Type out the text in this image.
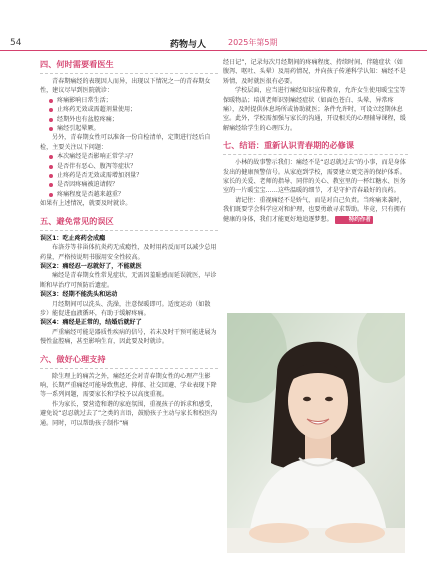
54	药物与人	2025年第5期
四、何时需要看医生

青春期痛经的表现因人而异，出现以下情况之一的青春期女性，建议尽早到医院就诊：

疼痛影响日常生活；
止疼药无效或需超剂量使用；
经期外也有盆腔疼痛；
痛经引起晕厥。

另外，青春期女性可以准备一份自检清单，定期进行经后自检，主要关注以下问题：

本次痛经是否影响正常学习？
是否伴有恶心、腹泻等症状？
止疼药是否无效或需增加剂量？
是否因疼痛被迫请假？
疼痛程度是否越来越重？

如果有上述情况，就要及时就诊。

五、避免常见的误区

误区1：吃止疼药会成瘾

布洛芬等非甾体抗炎药无成瘾性，及时用药反而可以减少总用药量，严格按说明书服用安全性较高。

误区2：痛经忍一忍就好了，不能就医

痛经是青春期女性常见症状，无需因羞耻感而延误就医，早诊断和早治疗可预防后遗症。

误区3：经期不能洗头和运动

月经期间可以洗头、洗澡，注意保暖即可。适度运动（如散步）能促进血液循环，有助于缓解疼痛。

误区4：痛经是正常的，结婚后就好了

严重痛经可能是器质性疾病的信号，若未及时干预可能进展为慢性盆腔痛，甚至影响生育，因此要及时就诊。

六、做好心理支持

除生理上的痛苦之外，痛经还会对青春期女性的心理产生影响，长期严重痛经可能导致焦虑、抑郁、社交回避、学业表现下降等一系列问题，需要家长和学校予以高度重视。

作为家长，要营造和谐的家庭氛围，重视孩子的诉求和感受，避免说“忍忍就过去了”之类的言语，鼓励孩子主动与家长和校医沟通。同时，可以帮助孩子制作“痛

经日记”，记录每次月经期间的疼痛程度、持续时间、伴随症状（如腹泻、呕吐、头晕）及用药情况，并向孩子传递科学认知：痛经不是矫情，及时就医很有必要。

学校层面，应当进行痛经知识宣传教育，允许女生使用暖宝宝等保暖物品；培训老师识别痛经症状（如面色苍白、头晕、异常疼痛），及时提供休息场所或协助就医；条件允许时，可设立经期休息室。此外，学校需加强与家长的沟通，开设相关的心理辅导课程，缓解痛经给学生的心理压力。

七、结语：重新认识青春期的必修课

小林的故事警示我们：痛经不是“忍忍就过去”的小事，而是身体发出的健康预警信号。从家庭到学校，需要建立更完善的保护体系。家长的关爱、老师的指导、同伴的关心、教室里的一杯红糖水、医务室的一片暖宝宝……这些温暖的细节，才是守护青春最好的良药。

请记住：重视痛经不是娇气，而是对自己负责。当疼痛来袭时，我们既要学会科学应对和护理，也要勇敢寻求帮助。毕竟，只有拥有健康的身体，我们才能更好地追逐梦想。	特约作者
